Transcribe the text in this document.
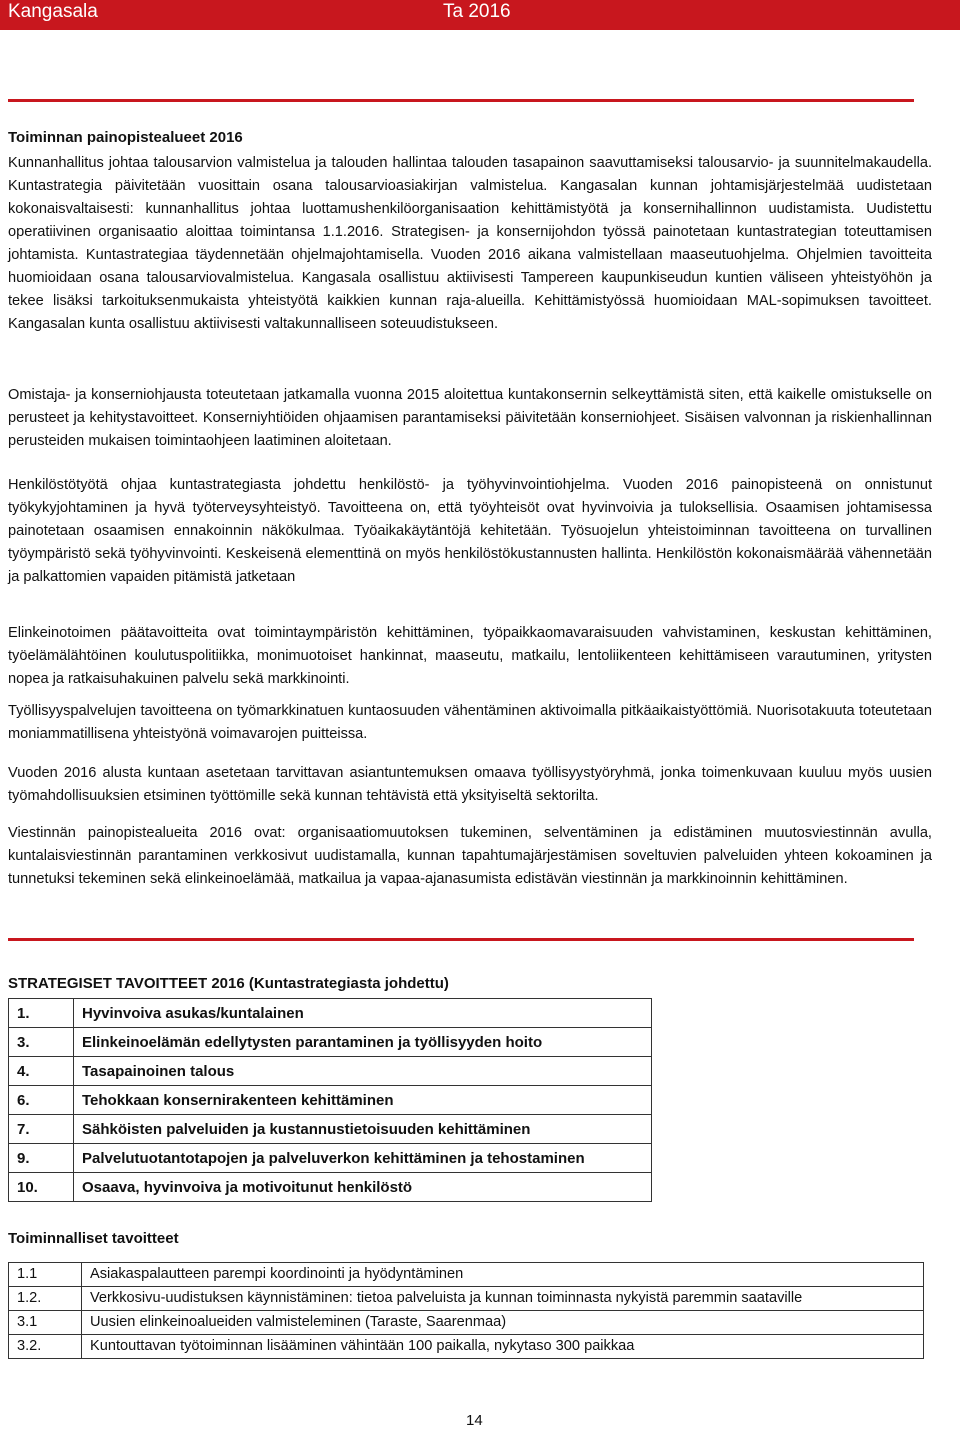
Kangasala	Ta 2016
Toiminnan painopistealueet 2016

Kunnanhallitus johtaa talousarvion valmistelua ja talouden hallintaa talouden tasapainon saavuttamiseksi talousarvio- ja suunnitelmakaudella. Kuntastrategia päivitetään vuosittain osana talousarvioasiakirjan valmistelua. Kangasalan kunnan johtamisjärjestelmää uudistetaan kokonaisvaltaisesti: kunnanhallitus johtaa luottamushenkilöorganisaation kehittämistyötä ja konsernihallinnon uudistamista. Uudistettu operatiivinen organisaatio aloittaa toimintansa 1.1.2016. Strategisen- ja konsernijohdon työssä painotetaan kuntastrategian toteuttamisen johtamista. Kuntastrategiaa täydennetään ohjelmajohtamisella. Vuoden 2016 aikana valmistellaan maaseutuohjelma. Ohjelmien tavoitteita huomioidaan osana talousarviovalmistelua. Kangasala osallistuu aktiivisesti Tampereen kaupunkiseudun kuntien väliseen yhteistyöhön ja tekee lisäksi tarkoituksenmukaista yhteistyötä kaikkien kunnan raja-alueilla. Kehittämistyössä huomioidaan MAL-sopimuksen tavoitteet. Kangasalan kunta osallistuu aktiivisesti valtakunnalliseen soteuudistukseen.

Omistaja- ja konserniohjausta toteutetaan jatkamalla vuonna 2015 aloitettua kuntakonsernin selkeyttämistä siten, että kaikelle omistukselle on perusteet ja kehitystavoitteet. Konserniyhtiöiden ohjaamisen parantamiseksi päivitetään konserniohjeet. Sisäisen valvonnan ja riskienhallinnan perusteiden mukaisen toimintaohjeen laatiminen aloitetaan.

Henkilöstötyötä ohjaa kuntastrategiasta johdettu henkilöstö- ja työhyvinvointiohjelma. Vuoden 2016 painopisteenä on onnistunut työkykyjohtaminen ja hyvä työterveysyhteistyö. Tavoitteena on, että työyhteisöt ovat hyvinvoivia ja tuloksellisia. Osaamisen johtamisessa painotetaan osaamisen ennakoinnin näkökulmaa. Työaikakäytäntöjä kehitetään. Työsuojelun yhteistoiminnan tavoitteena on turvallinen työympäristö sekä työhyvinvointi. Keskeisenä elementtinä on myös henkilöstökustannusten hallinta. Henkilöstön kokonaismäärää vähennetään ja palkattomien vapaiden pitämistä jatketaan

Elinkeinotoimen päätavoitteita ovat toimintaympäristön kehittäminen, työpaikkaomavaraisuuden vahvistaminen, keskustan kehittäminen, työelämälähtöinen koulutuspolitiikka, monimuotoiset hankinnat, maaseutu, matkailu, lentoliikenteen kehittämiseen varautuminen, yritysten nopea ja ratkaisuhakuinen palvelu sekä markkinointi.

Työllisyyspalvelujen tavoitteena on työmarkkinatuen kuntaosuuden vähentäminen aktivoimalla pitkäaikaistyöttömiä. Nuorisotakuuta toteutetaan moniammatillisena yhteistyönä voimavarojen puitteissa.

Vuoden 2016 alusta kuntaan asetetaan tarvittavan asiantuntemuksen omaava työllisyystyöryhmä, jonka toimenkuvaan kuuluu myös uusien työmahdollisuuksien etsiminen työttömille sekä kunnan tehtävistä että yksityiseltä sektorilta.

Viestinnän painopistealueita 2016 ovat: organisaatiomuutoksen tukeminen, selventäminen ja edistäminen muutosviestinnän avulla, kuntalaisviestinnän parantaminen verkkosivut uudistamalla, kunnan tapahtumajärjestämisen soveltuvien palveluiden yhteen kokoaminen ja tunnetuksi tekeminen sekä elinkeinoelämää, matkailua ja vapaa-ajanasumista edistävän viestinnän ja markkinoinnin kehittäminen.

STRATEGISET TAVOITTEET 2016 (Kuntastrategiasta johdettu)
1.	Hyvinvoiva asukas/kuntalainen
3.	Elinkeinoelämän edellytysten parantaminen ja työllisyyden hoito
4.	Tasapainoinen talous
6.	Tehokkaan konsernirakenteen kehittäminen
7.	Sähköisten palveluiden ja kustannustietoisuuden kehittäminen
9.	Palvelutuotantotapojen ja palveluverkon kehittäminen ja tehostaminen
10.	Osaava, hyvinvoiva ja motivoitunut henkilöstö
Toiminnalliset tavoitteet
1.1	Asiakaspalautteen parempi koordinointi ja hyödyntäminen
1.2.	Verkkosivu-uudistuksen käynnistäminen: tietoa palveluista ja kunnan toiminnasta nykyistä paremmin saataville
3.1	Uusien elinkeinoalueiden valmisteleminen (Taraste, Saarenmaa)
3.2.	Kuntouttavan työtoiminnan lisääminen vähintään 100 paikalla, nykytaso 300 paikkaa
14
